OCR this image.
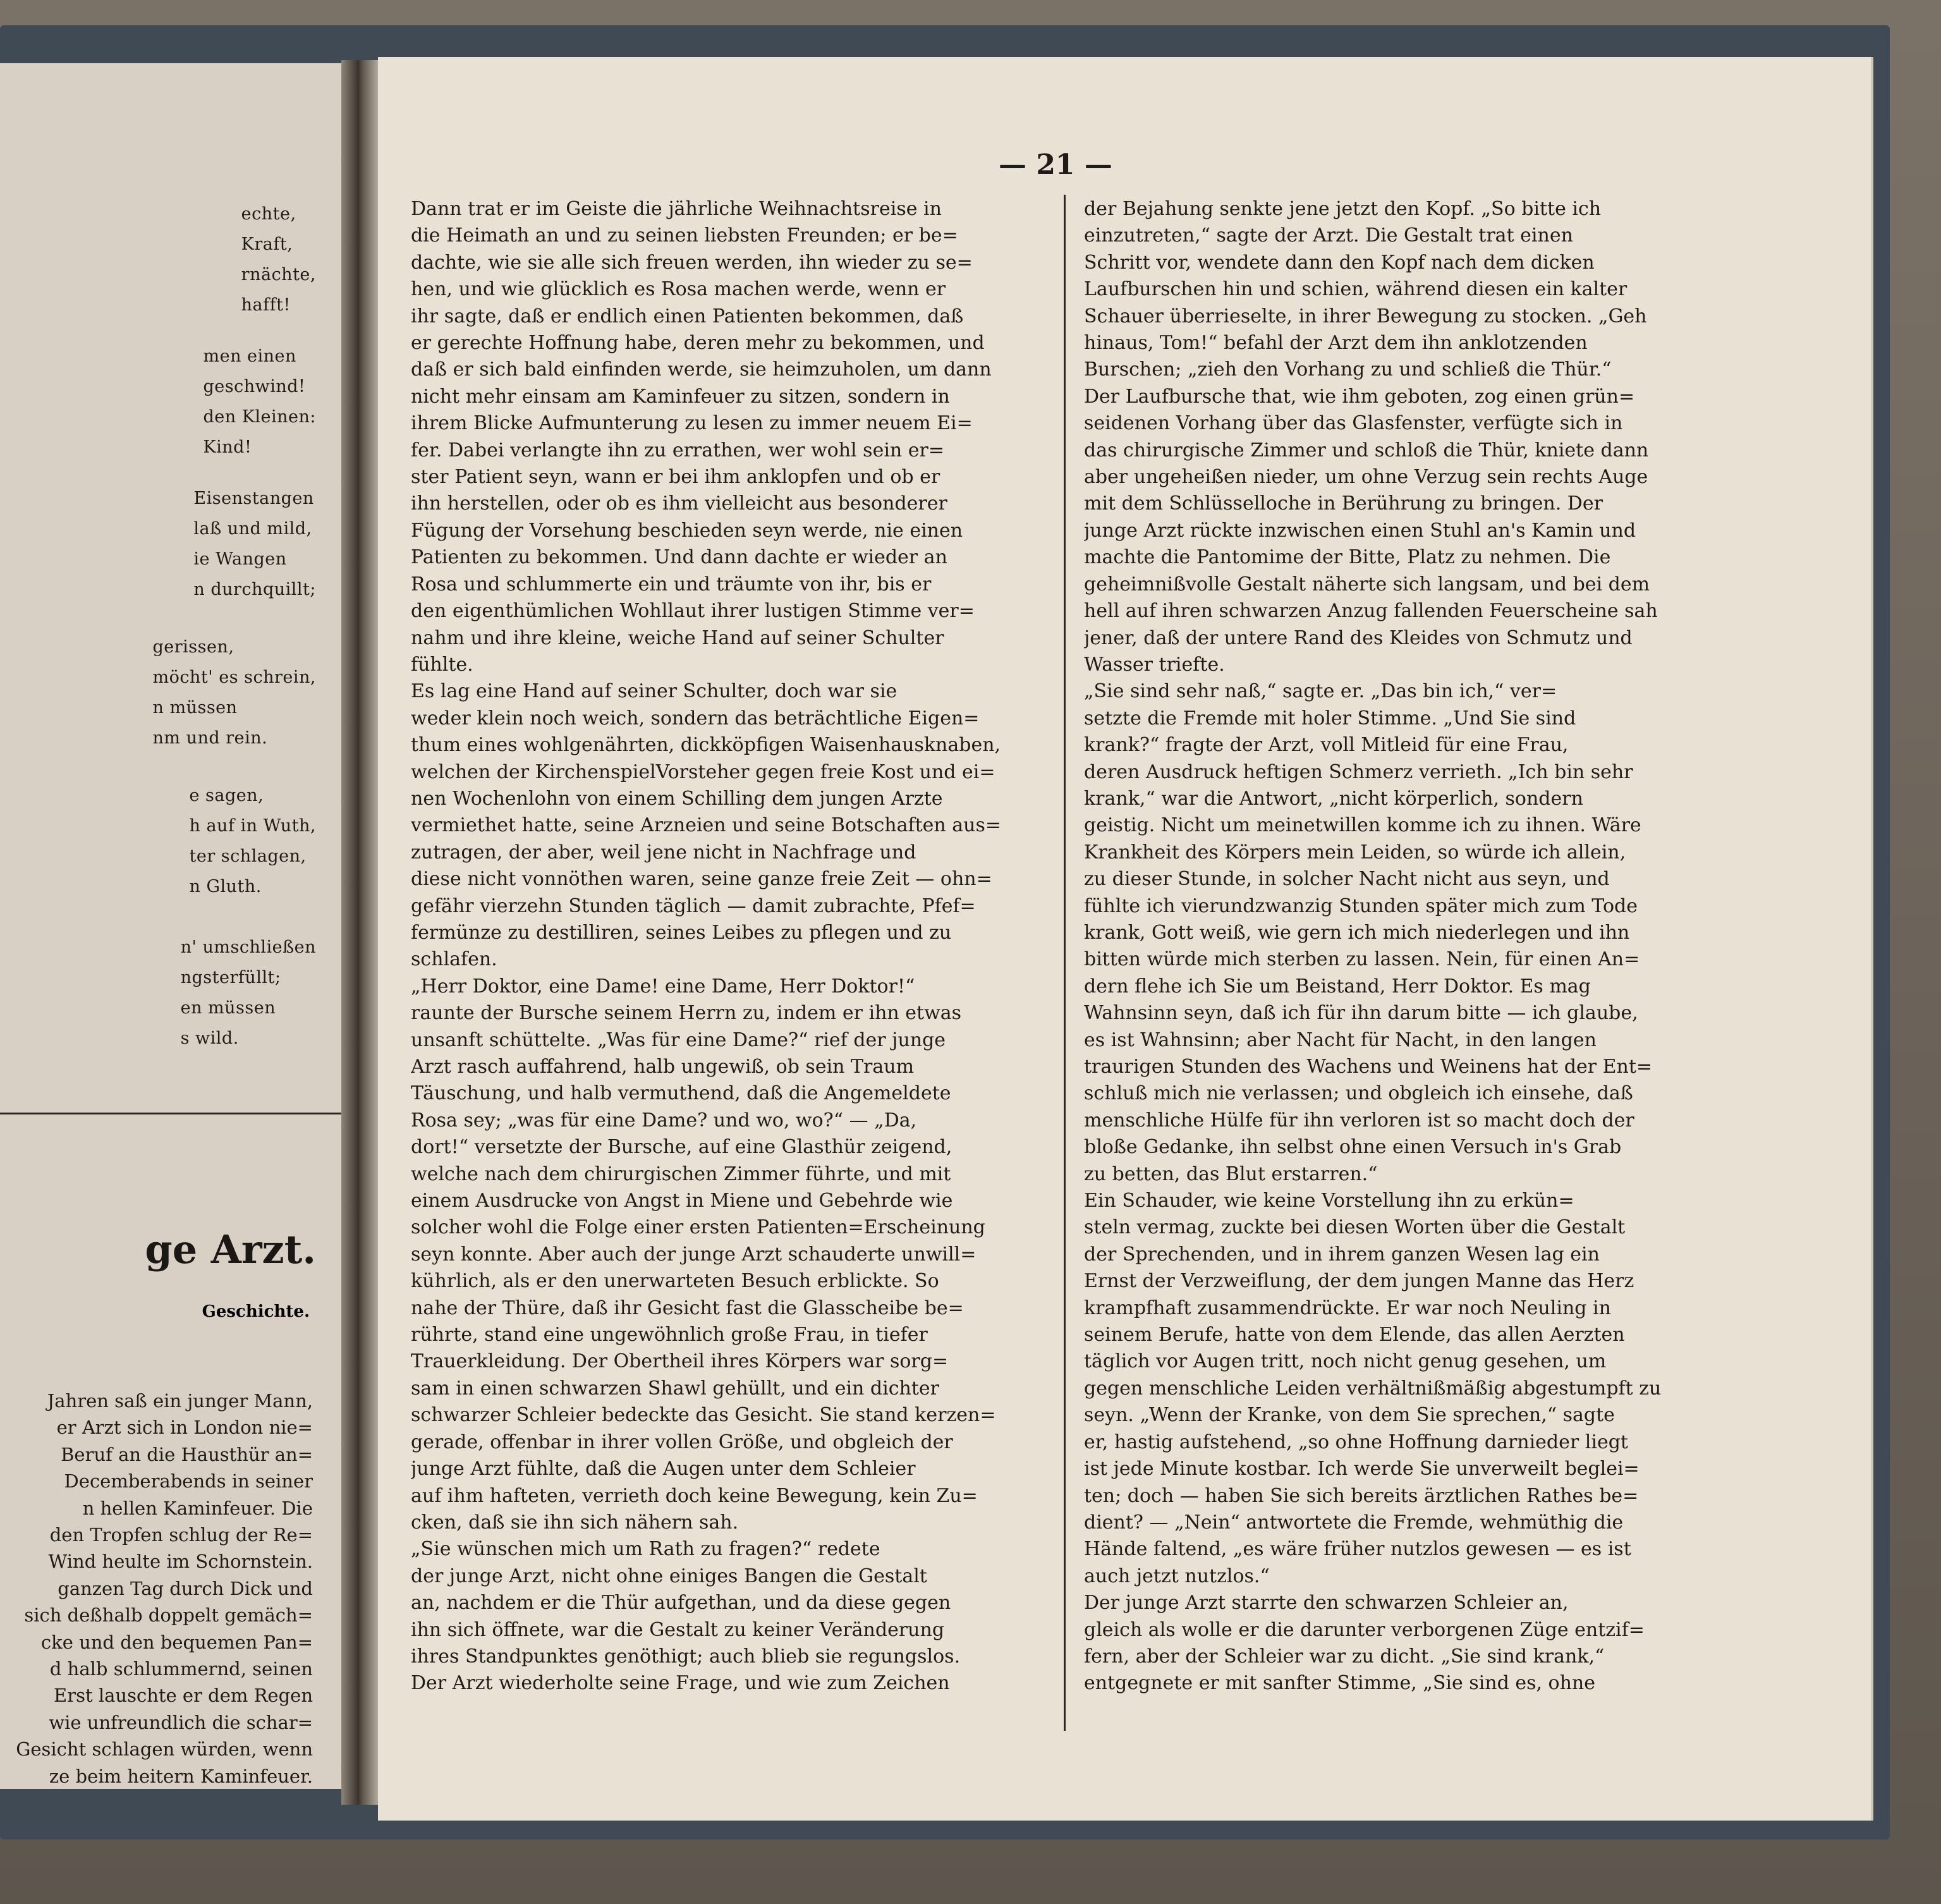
echte,
Kraft,
rnächte,
hafft!
men einen
geschwind!
den Kleinen:
Kind!
Eisenstangen
laß und mild,
ie Wangen
n durchquillt;
gerissen,
möcht' es schrein,
n müssen
nm und rein.
e sagen,
h auf in Wuth,
ter schlagen,
n Gluth.
n' umschließen
ngsterfüllt;
en müssen
s wild.
ge Arzt.
Geschichte.
Jahren saß ein junger Mann,
er Arzt sich in London nie=
Beruf an die Hausthür an=
Decemberabends in seiner
n hellen Kaminfeuer. Die
den Tropfen schlug der Re=
Wind heulte im Schornstein.
ganzen Tag durch Dick und
sich deßhalb doppelt gemäch=
cke und den bequemen Pan=
d halb schlummernd, seinen
Erst lauschte er dem Regen
wie unfreundlich die schar=
Gesicht schlagen würden, wenn
ze beim heitern Kaminfeuer.
— 21 —
Dann trat er im Geiste die jährliche Weihnachtsreise in
die Heimath an und zu seinen liebsten Freunden; er be=
dachte, wie sie alle sich freuen werden, ihn wieder zu se=
hen, und wie glücklich es Rosa machen werde, wenn er
ihr sagte, daß er endlich einen Patienten bekommen, daß
er gerechte Hoffnung habe, deren mehr zu bekommen, und
daß er sich bald einfinden werde, sie heimzuholen, um dann
nicht mehr einsam am Kaminfeuer zu sitzen, sondern in
ihrem Blicke Aufmunterung zu lesen zu immer neuem Ei=
fer. Dabei verlangte ihn zu errathen, wer wohl sein er=
ster Patient seyn, wann er bei ihm anklopfen und ob er
ihn herstellen, oder ob es ihm vielleicht aus besonderer
Fügung der Vorsehung beschieden seyn werde, nie einen
Patienten zu bekommen. Und dann dachte er wieder an
Rosa und schlummerte ein und träumte von ihr, bis er
den eigenthümlichen Wohllaut ihrer lustigen Stimme ver=
nahm und ihre kleine, weiche Hand auf seiner Schulter
fühlte.
Es lag eine Hand auf seiner Schulter, doch war sie
weder klein noch weich, sondern das beträchtliche Eigen=
thum eines wohlgenährten, dickköpfigen Waisenhausknaben,
welchen der KirchenspielVorsteher gegen freie Kost und ei=
nen Wochenlohn von einem Schilling dem jungen Arzte
vermiethet hatte, seine Arzneien und seine Botschaften aus=
zutragen, der aber, weil jene nicht in Nachfrage und
diese nicht vonnöthen waren, seine ganze freie Zeit — ohn=
gefähr vierzehn Stunden täglich — damit zubrachte, Pfef=
fermünze zu destilliren, seines Leibes zu pflegen und zu
schlafen.
„Herr Doktor, eine Dame! eine Dame, Herr Doktor!“
raunte der Bursche seinem Herrn zu, indem er ihn etwas
unsanft schüttelte. „Was für eine Dame?“ rief der junge
Arzt rasch auffahrend, halb ungewiß, ob sein Traum
Täuschung, und halb vermuthend, daß die Angemeldete
Rosa sey; „was für eine Dame? und wo, wo?“ — „Da,
dort!“ versetzte der Bursche, auf eine Glasthür zeigend,
welche nach dem chirurgischen Zimmer führte, und mit
einem Ausdrucke von Angst in Miene und Gebehrde wie
solcher wohl die Folge einer ersten Patienten=Erscheinung
seyn konnte. Aber auch der junge Arzt schauderte unwill=
kührlich, als er den unerwarteten Besuch erblickte. So
nahe der Thüre, daß ihr Gesicht fast die Glasscheibe be=
rührte, stand eine ungewöhnlich große Frau, in tiefer
Trauerkleidung. Der Obertheil ihres Körpers war sorg=
sam in einen schwarzen Shawl gehüllt, und ein dichter
schwarzer Schleier bedeckte das Gesicht. Sie stand kerzen=
gerade, offenbar in ihrer vollen Größe, und obgleich der
junge Arzt fühlte, daß die Augen unter dem Schleier
auf ihm hafteten, verrieth doch keine Bewegung, kein Zu=
cken, daß sie ihn sich nähern sah.
„Sie wünschen mich um Rath zu fragen?“ redete
der junge Arzt, nicht ohne einiges Bangen die Gestalt
an, nachdem er die Thür aufgethan, und da diese gegen
ihn sich öffnete, war die Gestalt zu keiner Veränderung
ihres Standpunktes genöthigt; auch blieb sie regungslos.
Der Arzt wiederholte seine Frage, und wie zum Zeichen
der Bejahung senkte jene jetzt den Kopf. „So bitte ich
einzutreten,“ sagte der Arzt. Die Gestalt trat einen
Schritt vor, wendete dann den Kopf nach dem dicken
Laufburschen hin und schien, während diesen ein kalter
Schauer überrieselte, in ihrer Bewegung zu stocken. „Geh
hinaus, Tom!“ befahl der Arzt dem ihn anklotzenden
Burschen; „zieh den Vorhang zu und schließ die Thür.“
Der Laufbursche that, wie ihm geboten, zog einen grün=
seidenen Vorhang über das Glasfenster, verfügte sich in
das chirurgische Zimmer und schloß die Thür, kniete dann
aber ungeheißen nieder, um ohne Verzug sein rechts Auge
mit dem Schlüsselloche in Berührung zu bringen. Der
junge Arzt rückte inzwischen einen Stuhl an's Kamin und
machte die Pantomime der Bitte, Platz zu nehmen. Die
geheimnißvolle Gestalt näherte sich langsam, und bei dem
hell auf ihren schwarzen Anzug fallenden Feuerscheine sah
jener, daß der untere Rand des Kleides von Schmutz und
Wasser triefte.
„Sie sind sehr naß,“ sagte er. „Das bin ich,“ ver=
setzte die Fremde mit holer Stimme. „Und Sie sind
krank?“ fragte der Arzt, voll Mitleid für eine Frau,
deren Ausdruck heftigen Schmerz verrieth. „Ich bin sehr
krank,“ war die Antwort, „nicht körperlich, sondern
geistig. Nicht um meinetwillen komme ich zu ihnen. Wäre
Krankheit des Körpers mein Leiden, so würde ich allein,
zu dieser Stunde, in solcher Nacht nicht aus seyn, und
fühlte ich vierundzwanzig Stunden später mich zum Tode
krank, Gott weiß, wie gern ich mich niederlegen und ihn
bitten würde mich sterben zu lassen. Nein, für einen An=
dern flehe ich Sie um Beistand, Herr Doktor. Es mag
Wahnsinn seyn, daß ich für ihn darum bitte — ich glaube,
es ist Wahnsinn; aber Nacht für Nacht, in den langen
traurigen Stunden des Wachens und Weinens hat der Ent=
schluß mich nie verlassen; und obgleich ich einsehe, daß
menschliche Hülfe für ihn verloren ist so macht doch der
bloße Gedanke, ihn selbst ohne einen Versuch in's Grab
zu betten, das Blut erstarren.“
Ein Schauder, wie keine Vorstellung ihn zu erkün=
steln vermag, zuckte bei diesen Worten über die Gestalt
der Sprechenden, und in ihrem ganzen Wesen lag ein
Ernst der Verzweiflung, der dem jungen Manne das Herz
krampfhaft zusammendrückte. Er war noch Neuling in
seinem Berufe, hatte von dem Elende, das allen Aerzten
täglich vor Augen tritt, noch nicht genug gesehen, um
gegen menschliche Leiden verhältnißmäßig abgestumpft zu
seyn. „Wenn der Kranke, von dem Sie sprechen,“ sagte
er, hastig aufstehend, „so ohne Hoffnung darnieder liegt
ist jede Minute kostbar. Ich werde Sie unverweilt beglei=
ten; doch — haben Sie sich bereits ärztlichen Rathes be=
dient? — „Nein“ antwortete die Fremde, wehmüthig die
Hände faltend, „es wäre früher nutzlos gewesen — es ist
auch jetzt nutzlos.“
Der junge Arzt starrte den schwarzen Schleier an,
gleich als wolle er die darunter verborgenen Züge entzif=
fern, aber der Schleier war zu dicht. „Sie sind krank,“
entgegnete er mit sanfter Stimme, „Sie sind es, ohne
